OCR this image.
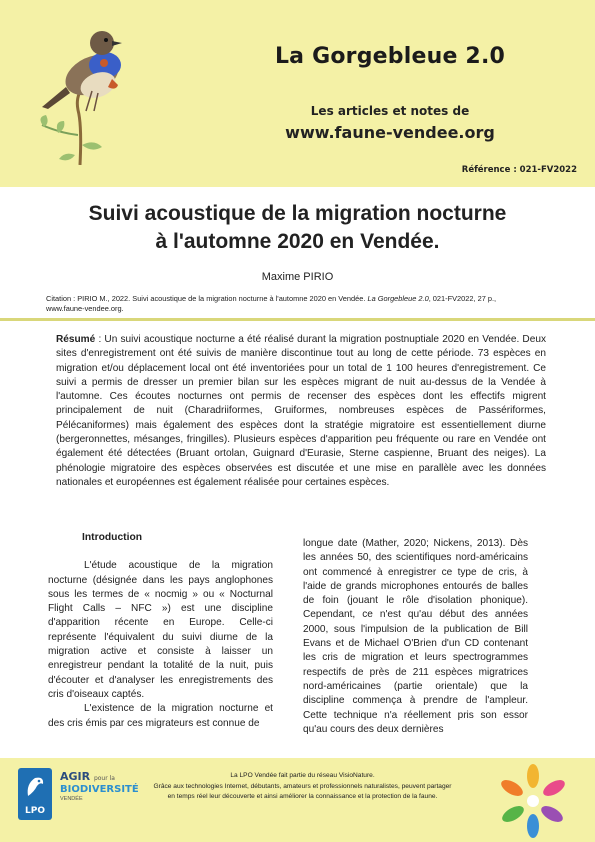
La Gorgebleue 2.0
Les articles et notes de
www.faune-vendee.org
Référence : 021-FV2022
Suivi acoustique de la migration nocturne
à l'automne 2020 en Vendée.
Maxime PIRIO
Citation : PIRIO M., 2022. Suivi acoustique de la migration nocturne à l'automne 2020 en Vendée. La Gorgebleue 2.0, 021-FV2022, 27 p.,
www.faune-vendee.org.
Résumé : Un suivi acoustique nocturne a été réalisé durant la migration postnuptiale 2020 en Vendée. Deux sites d'enregistrement ont été suivis de manière discontinue tout au long de cette période. 73 espèces en migration et/ou déplacement local ont été inventoriées pour un total de 1 100 heures d'enregistrement. Ce suivi a permis de dresser un premier bilan sur les espèces migrant de nuit au-dessus de la Vendée à l'automne. Ces écoutes nocturnes ont permis de recenser des espèces dont les effectifs migrent principalement de nuit (Charadriiformes, Gruiformes, nombreuses espèces de Passériformes, Pélécaniformes) mais également des espèces dont la stratégie migratoire est essentiellement diurne (bergeronnettes, mésanges, fringilles). Plusieurs espèces d'apparition peu fréquente ou rare en Vendée ont également été détectées (Bruant ortolan, Guignard d'Eurasie, Sterne caspienne, Bruant des neiges). La phénologie migratoire des espèces observées est discutée et une mise en parallèle avec les données nationales et européennes est également réalisée pour certaines espèces.

Introduction

L'étude acoustique de la migration nocturne (désignée dans les pays anglophones sous les termes de « nocmig » ou « Nocturnal Flight Calls – NFC ») est une discipline d'apparition récente en Europe. Celle-ci représente l'équivalent du suivi diurne de la migration active et consiste à laisser un enregistreur pendant la totalité de la nuit, puis d'écouter et d'analyser les enregistrements des cris d'oiseaux captés.

L'existence de la migration nocturne et des cris émis par ces migrateurs est connue de

longue date (Mather, 2020; Nickens, 2013). Dès les années 50, des scientifiques nord-américains ont commencé à enregistrer ce type de cris, à l'aide de grands microphones entourés de balles de foin (jouant le rôle d'isolation phonique). Cependant, ce n'est qu'au début des années 2000, sous l'impulsion de la publication de Bill Evans et de Michael O'Brien d'un CD contenant les cris de migration et leurs spectrogrammes respectifs de près de 211 espèces migratrices nord-américaines (partie orientale) que la discipline commença à prendre de l'ampleur. Cette technique n'a réellement pris son essor qu'au cours des deux dernières

LPO
AGIR pour la
BIODIVERSITÉ
VENDÉE
La LPO Vendée fait partie du réseau VisioNature.
Grâce aux technologies Internet, débutants, amateurs et professionnels naturalistes, peuvent partager
en temps réel leur découverte et ainsi améliorer la connaissance et la protection de la faune.
